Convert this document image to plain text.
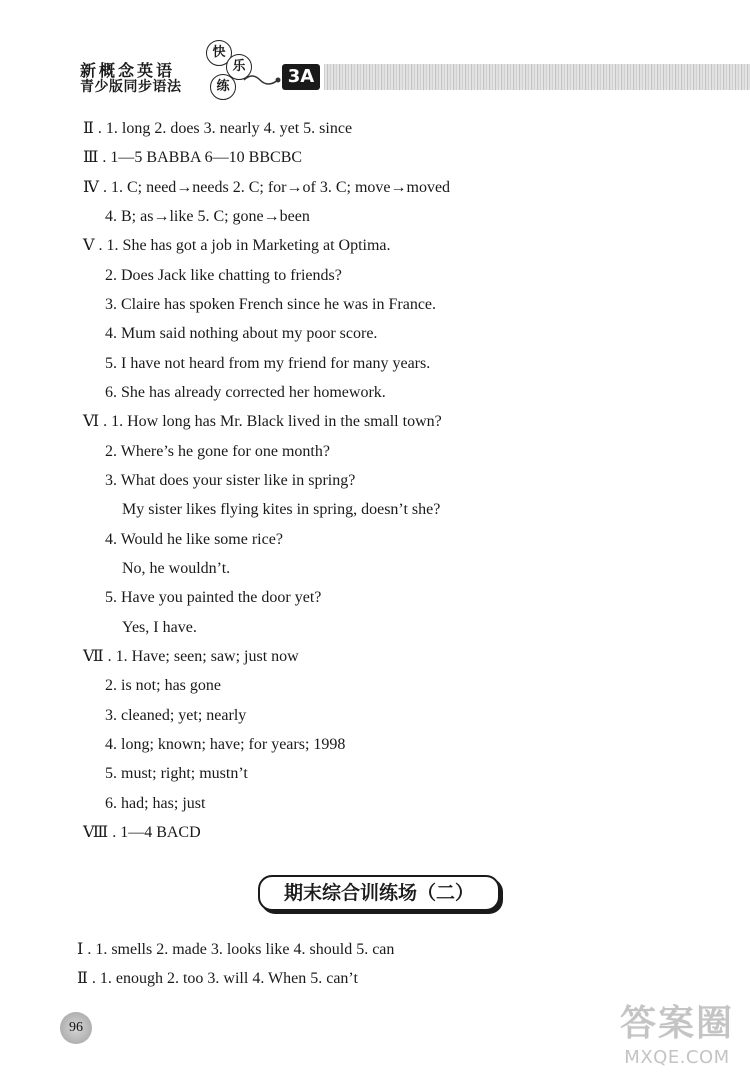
新概念英语
青少版同步语法
快
乐
练	3A
Ⅱ . 1. long 2. does 3. nearly 4. yet 5. since
Ⅲ . 1—5 BABBA 6—10 BBCBC
Ⅳ . 1. C; need→needs 2. C; for→of 3. C; move→moved
4. B; as→like 5. C; gone→been
Ⅴ . 1. She has got a job in Marketing at Optima.
2. Does Jack like chatting to friends?
3. Claire has spoken French since he was in France.
4. Mum said nothing about my poor score.
5. I have not heard from my friend for many years.
6. She has already corrected her homework.
Ⅵ . 1. How long has Mr. Black lived in the small town?
2. Where’s he gone for one month?
3. What does your sister like in spring?
My sister likes flying kites in spring, doesn’t she?
4. Would he like some rice?
No, he wouldn’t.
5. Have you painted the door yet?
Yes, I have.
Ⅶ . 1. Have; seen; saw; just now
2. is not; has gone
3. cleaned; yet; nearly
4. long; known; have; for years; 1998
5. must; right; mustn’t
6. had; has; just
Ⅷ . 1—4 BACD
Ⅰ . 1. smells 2. made 3. looks like 4. should 5. can
Ⅱ . 1. enough 2. too 3. will 4. When 5. can’t
期末综合训练场（二）
96	答案圈
MXQE.COM
